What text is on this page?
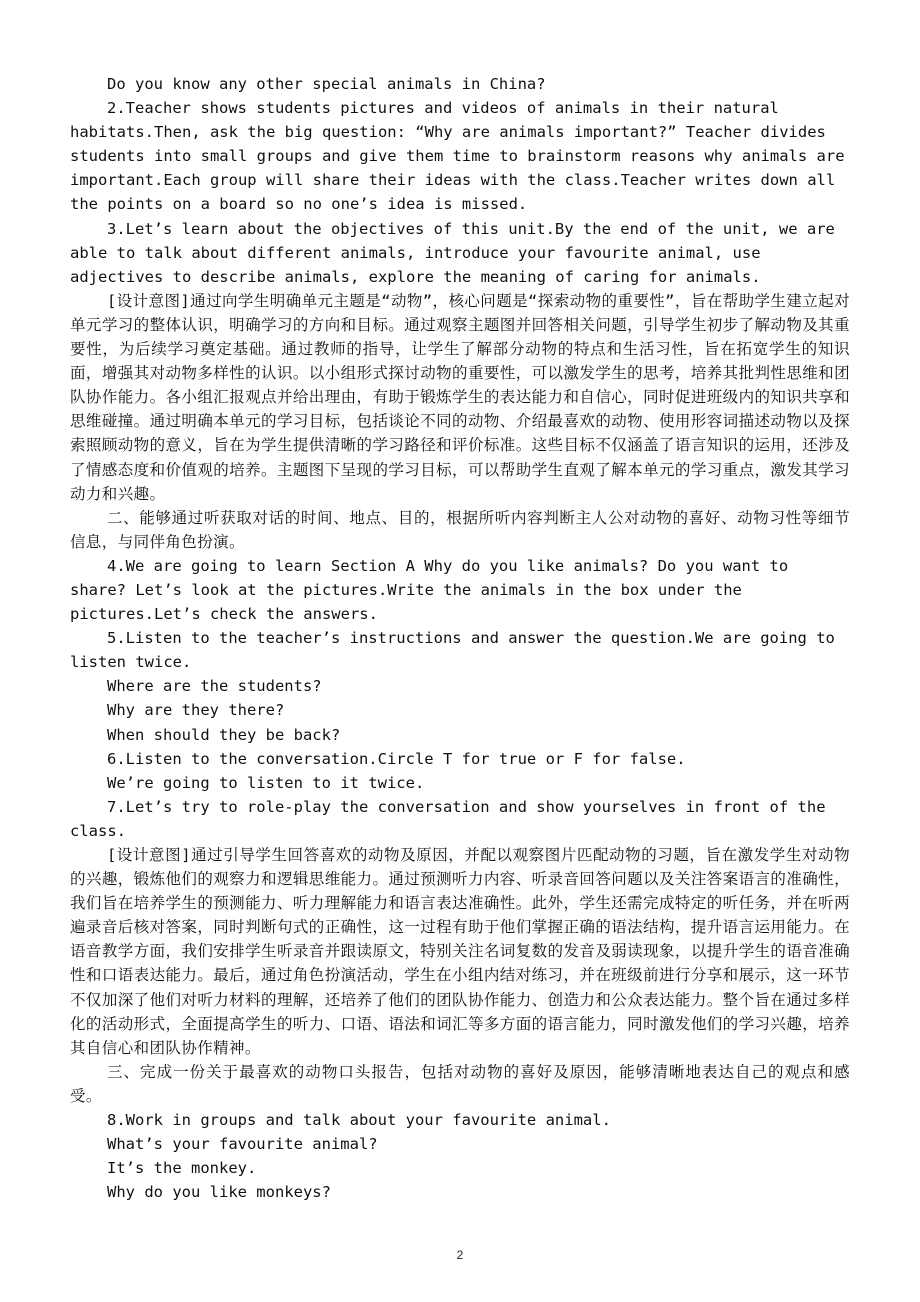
Do you know any other special animals in China?

2.Teacher shows students pictures and videos of animals in their natural habitats.Then, ask the big question: “Why are animals important?” Teacher divides students into small groups and give them time to brainstorm reasons why animals are important.Each group will share their ideas with the class.Teacher writes down all the points on a board so no one’s idea is missed.

3.Let’s learn about the objectives of this unit.By the end of the unit, we are able to talk about different animals, introduce your favourite animal, use adjectives to describe animals, explore the meaning of caring for animals.

[设计意图]通过向学生明确单元主题是“动物”，核心问题是“探索动物的重要性”，旨在帮助学生建立起对单元学习的整体认识，明确学习的方向和目标。通过观察主题图并回答相关问题，引导学生初步了解动物及其重要性，为后续学习奠定基础。通过教师的指导，让学生了解部分动物的特点和生活习性，旨在拓宽学生的知识面，增强其对动物多样性的认识。以小组形式探讨动物的重要性，可以激发学生的思考，培养其批判性思维和团队协作能力。各小组汇报观点并给出理由，有助于锻炼学生的表达能力和自信心，同时促进班级内的知识共享和思维碰撞。通过明确本单元的学习目标，包括谈论不同的动物、介绍最喜欢的动物、使用形容词描述动物以及探索照顾动物的意义，旨在为学生提供清晰的学习路径和评价标准。这些目标不仅涵盖了语言知识的运用，还涉及了情感态度和价值观的培养。主题图下呈现的学习目标，可以帮助学生直观了解本单元的学习重点，激发其学习动力和兴趣。

二、能够通过听获取对话的时间、地点、目的，根据所听内容判断主人公对动物的喜好、动物习性等细节信息，与同伴角色扮演。

4.We are going to learn Section A Why do you like animals? Do you want to share? Let’s look at the pictures.Write the animals in the box under the pictures.Let’s check the answers.

5.Listen to the teacher’s instructions and answer the question.We are going to listen twice.

Where are the students?

Why are they there?

When should they be back?

6.Listen to the conversation.Circle T for true or F for false.

We’re going to listen to it twice.

7.Let’s try to role-play the conversation and show yourselves in front of the class.

[设计意图]通过引导学生回答喜欢的动物及原因，并配以观察图片匹配动物的习题，旨在激发学生对动物的兴趣，锻炼他们的观察力和逻辑思维能力。通过预测听力内容、听录音回答问题以及关注答案语言的准确性，我们旨在培养学生的预测能力、听力理解能力和语言表达准确性。此外，学生还需完成特定的听任务，并在听两遍录音后核对答案，同时判断句式的正确性，这一过程有助于他们掌握正确的语法结构，提升语言运用能力。在语音教学方面，我们安排学生听录音并跟读原文，特别关注名词复数的发音及弱读现象，以提升学生的语音准确性和口语表达能力。最后，通过角色扮演活动，学生在小组内结对练习，并在班级前进行分享和展示，这一环节不仅加深了他们对听力材料的理解，还培养了他们的团队协作能力、创造力和公众表达能力。整个旨在通过多样化的活动形式，全面提高学生的听力、口语、语法和词汇等多方面的语言能力，同时激发他们的学习兴趣，培养其自信心和团队协作精神。

三、完成一份关于最喜欢的动物口头报告，包括对动物的喜好及原因，能够清晰地表达自己的观点和感受。

8.Work in groups and talk about your favourite animal.

What’s your favourite animal?

It’s the monkey.

Why do you like monkeys?

2
